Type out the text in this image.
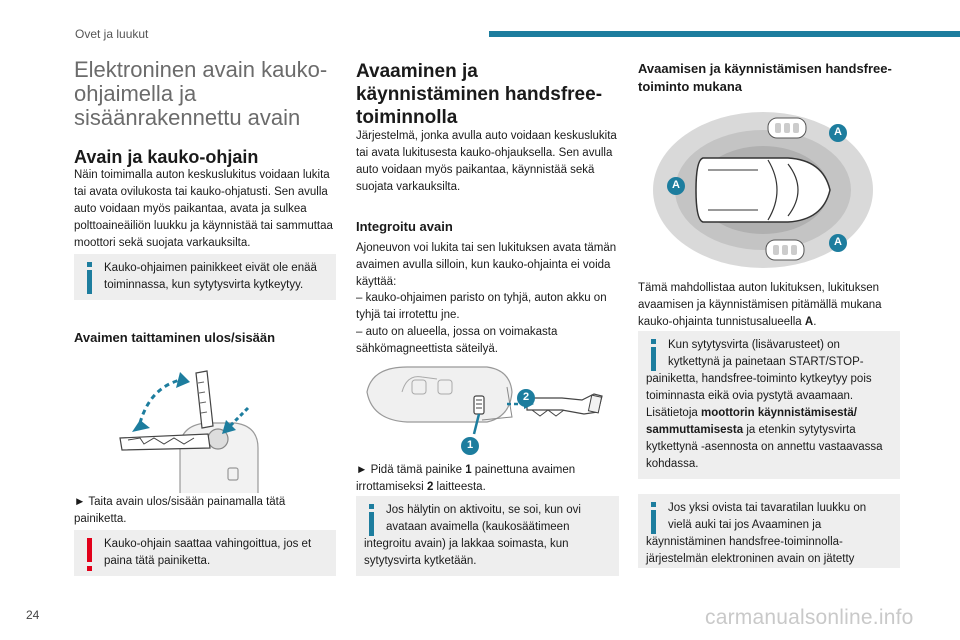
Ovet ja luukut
Elektroninen avain kauko-ohjaimella ja sisäänrakennettu avain
Avain ja kauko-ohjain

Näin toimimalla auton keskuslukitus voidaan lukita tai avata ovilukosta tai kauko-ohjatusti. Sen avulla auto voidaan myös paikantaa, avata ja sulkea polttoaineäiliön luukku ja käynnistää tai sammuttaa moottori sekä suojata varkauksilta.

Kauko-ohjaimen painikkeet eivät ole enää toiminnassa, kun sytytysvirta kytkeytyy.
Avaimen taittaminen ulos/sisään

► Taita avain ulos/sisään painamalla tätä painiketta.

Kauko-ohjain saattaa vahingoittua, jos et paina tätä painiketta.
Avaaminen ja käynnistäminen handsfree-toiminnolla

Järjestelmä, jonka avulla auto voidaan keskuslukita tai avata lukitusesta kauko-ohjauksella. Sen avulla auto voidaan myös paikantaa, käynnistää sekä suojata varkauksilta.

Integroitu avain

Ajoneuvon voi lukita tai sen lukituksen avata tämän avaimen avulla silloin, kun kauko-ohjainta ei voida käyttää:

– kauko-ohjaimen paristo on tyhjä, auton akku on tyhjä tai irrotettu jne.

– auto on alueella, jossa on voimakasta sähkömagneettista säteilyä.

2
1

► Pidä tämä painike 1 painettuna avaimen irrottamiseksi 2 laitteesta.

Jos hälytin on aktivoitu, se soi, kun ovi avataan avaimella (kaukosäätimeen integroitu avain) ja lakkaa soimasta, kun sytytysvirta kytketään.
Avaamisen ja käynnistämisen handsfree-toiminto mukana
A
A
A

Tämä mahdollistaa auton lukituksen, lukituksen avaamisen ja käynnistämisen pitämällä mukana kauko-ohjainta tunnistusalueella A.

Kun sytytysvirta (lisävarusteet) on kytkettynä ja painetaan START/STOP-painiketta, handsfree-toiminto kytkeytyy pois toiminnasta eikä ovia pystytä avaamaan.
Lisätietoja moottorin käynnistämisestä/ sammuttamisesta ja etenkin sytytysvirta kytkettynä -asennosta on annettu vastaavassa kohdassa.
Jos yksi ovista tai tavaratilan luukku on vielä auki tai jos Avaaminen ja käynnistäminen handsfree-toiminnolla-järjestelmän elektroninen avain on jätetty
24	carmanualsonline.info
